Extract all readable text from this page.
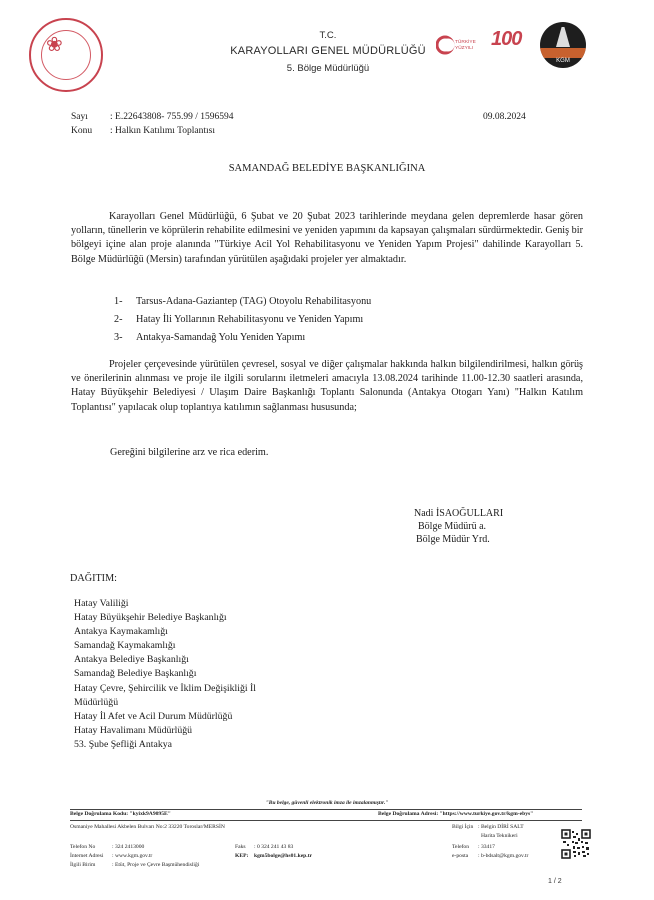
❀	T.C.
KARAYOLLARI GENEL MÜDÜRLÜĞÜ
5. Bölge Müdürlüğü
TÜRKİYE
YÜZYILI 100
KGM
Sayı : E.22643808- 755.99 / 1596594	09.08.2024
Konu : Halkın Katılımı Toplantısı
SAMANDAĞ BELEDİYE BAŞKANLIĞINA
Karayolları Genel Müdürlüğü, 6 Şubat ve 20 Şubat 2023 tarihlerinde meydana gelen depremlerde hasar gören yolların, tünellerin ve köprülerin rehabilite edilmesini ve yeniden yapımını da kapsayan çalışmaları sürdürmektedir. Geniş bir bölgeyi içine alan proje alanında "Türkiye Acil Yol Rehabilitasyonu ve Yeniden Yapım Projesi" dahilinde Karayolları 5. Bölge Müdürlüğü (Mersin) tarafından yürütülen aşağıdaki projeler yer almaktadır.
1- Tarsus-Adana-Gaziantep (TAG) Otoyolu Rehabilitasyonu
2- Hatay İli Yollarının Rehabilitasyonu ve Yeniden Yapımı
3- Antakya-Samandağ Yolu Yeniden Yapımı
Projeler çerçevesinde yürütülen çevresel, sosyal ve diğer çalışmalar hakkında halkın bilgilendirilmesi, halkın görüş ve önerilerinin alınması ve proje ile ilgili sorularını iletmeleri amacıyla 13.08.2024 tarihinde 11.00-12.30 saatleri arasında, Hatay Büyükşehir Belediyesi / Ulaşım Daire Başkanlığı Toplantı Salonunda (Antakya Otogarı Yanı) "Halkın Katılım Toplantısı" yapılacak olup toplantıya katılımın sağlanması hususunda;
Gereğini bilgilerine arz ve rica ederim.
Nadi İSAOĞULLARI
Bölge Müdürü a.
Bölge Müdür Yrd.
DAĞITIM:
Hatay Valiliği
Hatay Büyükşehir Belediye Başkanlığı
Antakya Kaymakamlığı
Samandağ Kaymakamlığı
Antakya Belediye Başkanlığı
Samandağ Belediye Başkanlığı
Hatay Çevre, Şehircilik ve İklim Değişikliği İl
Müdürlüğü
Hatay İl Afet ve Acil Durum Müdürlüğü
Hatay Havalimanı Müdürlüğü
53. Şube Şefliği Antakya
"Bu belge, güvenli elektronik imza ile imzalanmıştır."
Belge Doğrulama Kodu: "kyixk9A9095E"	Belge Doğrulama Adresi: "https://www.turkiye.gov.tr/kgm-ebys"
Osmaniye Mahallesi Akbelen Bulvarı No:2 33220 Toroslar/MERSİN	Bilgi İçin : Belgin DİRİ SALT
Harita Teknikeri
Telefon No	: 324 2413000	Faks : 0 324 241 43 83	Telefon : 33417
İnternet Adresi : www.kgm.gov.tr	KEP: kgm5bolge@hs01.kep.tr	e-posta : b-bdsalt@kgm.gov.tr
İlgili Birim	: Etüt, Proje ve Çevre Başmühendisliği
1 / 2
